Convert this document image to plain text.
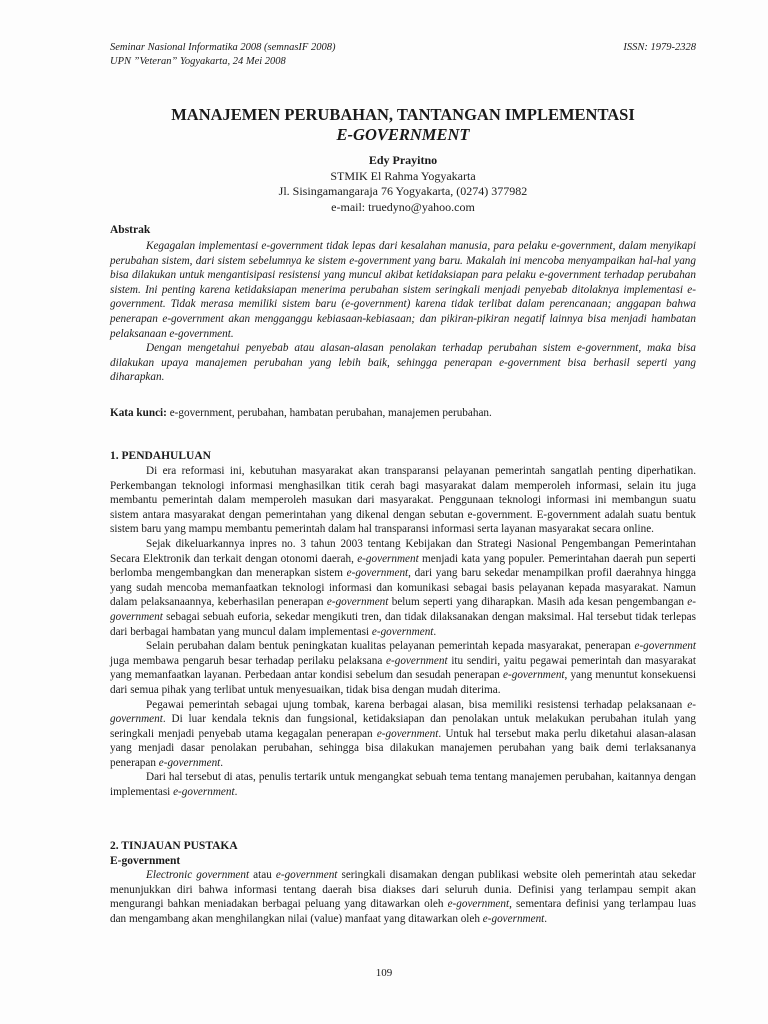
Seminar Nasional Informatika 2008 (semnasIF 2008)
UPN ”Veteran” Yogyakarta, 24 Mei 2008
ISSN: 1979-2328
MANAJEMEN PERUBAHAN, TANTANGAN IMPLEMENTASI
E-GOVERNMENT
Edy Prayitno
STMIK El Rahma Yogyakarta
Jl. Sisingamangaraja 76 Yogyakarta, (0274) 377982
e-mail: truedyno@yahoo.com
Abstrak

Kegagalan implementasi e-government tidak lepas dari kesalahan manusia, para pelaku e-government, dalam menyikapi perubahan sistem, dari sistem sebelumnya ke sistem e-government yang baru. Makalah ini mencoba menyampaikan hal-hal yang bisa dilakukan untuk mengantisipasi resistensi yang muncul akibat ketidaksiapan para pelaku e-government terhadap perubahan sistem. Ini penting karena ketidaksiapan menerima perubahan sistem seringkali menjadi penyebab ditolaknya implementasi e-government. Tidak merasa memiliki sistem baru (e-government) karena tidak terlibat dalam perencanaan; anggapan bahwa penerapan e-government akan mengganggu kebiasaan-kebiasaan; dan pikiran-pikiran negatif lainnya bisa menjadi hambatan pelaksanaan e-government.

Dengan mengetahui penyebab atau alasan-alasan penolakan terhadap perubahan sistem e-government, maka bisa dilakukan upaya manajemen perubahan yang lebih baik, sehingga penerapan e-government bisa berhasil seperti yang diharapkan.

Kata kunci: e-government, perubahan, hambatan perubahan, manajemen perubahan.

1. PENDAHULUAN

Di era reformasi ini, kebutuhan masyarakat akan transparansi pelayanan pemerintah sangatlah penting diperhatikan. Perkembangan teknologi informasi menghasilkan titik cerah bagi masyarakat dalam memperoleh informasi, selain itu juga membantu pemerintah dalam memperoleh masukan dari masyarakat. Penggunaan teknologi informasi ini membangun suatu sistem antara masyarakat dengan pemerintahan yang dikenal dengan sebutan e-government. E-government adalah suatu bentuk sistem baru yang mampu membantu pemerintah dalam hal transparansi informasi serta layanan masyarakat secara online.

Sejak dikeluarkannya inpres no. 3 tahun 2003 tentang Kebijakan dan Strategi Nasional Pengembangan Pemerintahan Secara Elektronik dan terkait dengan otonomi daerah, e-government menjadi kata yang populer. Pemerintahan daerah pun seperti berlomba mengembangkan dan menerapkan sistem e-government, dari yang baru sekedar menampilkan profil daerahnya hingga yang sudah mencoba memanfaatkan teknologi informasi dan komunikasi sebagai basis pelayanan kepada masyarakat. Namun dalam pelaksanaannya, keberhasilan penerapan e-government belum seperti yang diharapkan. Masih ada kesan pengembangan e-government sebagai sebuah euforia, sekedar mengikuti tren, dan tidak dilaksanakan dengan maksimal. Hal tersebut tidak terlepas dari berbagai hambatan yang muncul dalam implementasi e-government.

Selain perubahan dalam bentuk peningkatan kualitas pelayanan pemerintah kepada masyarakat, penerapan e-government juga membawa pengaruh besar terhadap perilaku pelaksana e-government itu sendiri, yaitu pegawai pemerintah dan masyarakat yang memanfaatkan layanan. Perbedaan antar kondisi sebelum dan sesudah penerapan e-government, yang menuntut konsekuensi dari semua pihak yang terlibat untuk menyesuaikan, tidak bisa dengan mudah diterima.

Pegawai pemerintah sebagai ujung tombak, karena berbagai alasan, bisa memiliki resistensi terhadap pelaksanaan e-government. Di luar kendala teknis dan fungsional, ketidaksiapan dan penolakan untuk melakukan perubahan itulah yang seringkali menjadi penyebab utama kegagalan penerapan e-government. Untuk hal tersebut maka perlu diketahui alasan-alasan yang menjadi dasar penolakan perubahan, sehingga bisa dilakukan manajemen perubahan yang baik demi terlaksananya penerapan e-government.

Dari hal tersebut di atas, penulis tertarik untuk mengangkat sebuah tema tentang manajemen perubahan, kaitannya dengan implementasi e-government.

2. TINJAUAN PUSTAKA
E-government

Electronic government atau e-government seringkali disamakan dengan publikasi website oleh pemerintah atau sekedar menunjukkan diri bahwa informasi tentang daerah bisa diakses dari seluruh dunia. Definisi yang terlampau sempit akan mengurangi bahkan meniadakan berbagai peluang yang ditawarkan oleh e-government, sementara definisi yang terlampau luas dan mengambang akan menghilangkan nilai (value) manfaat yang ditawarkan oleh e-government.

109
